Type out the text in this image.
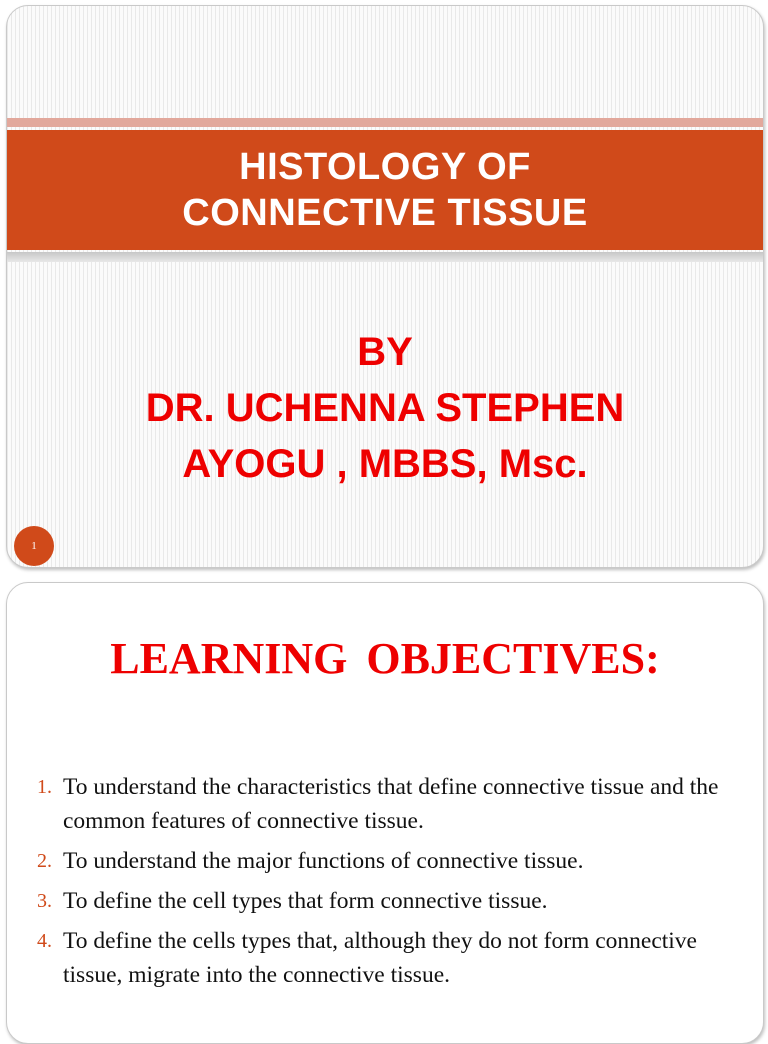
HISTOLOGY OF
CONNECTIVE TISSUE
BY
DR. UCHENNA STEPHEN
AYOGU , MBBS, Msc.
1
LEARNING OBJECTIVES:
1. To understand the characteristics that define connective tissue and the common features of connective tissue.
2. To understand the major functions of connective tissue.
3. To define the cell types that form connective tissue.
4. To define the cells types that, although they do not form connective tissue, migrate into the connective tissue.
